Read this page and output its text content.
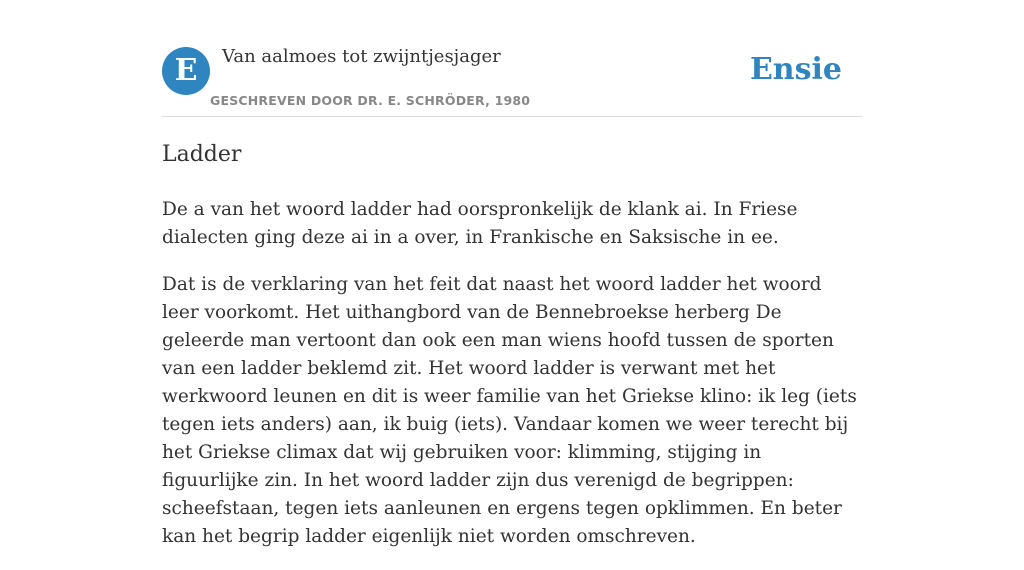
E	Van aalmoes tot zwijntjesjager
GESCHREVEN DOOR DR. E. SCHRÖDER, 1980
Ensie
Ladder

De a van het woord ladder had oorspronkelijk de klank ai. In Friese dialecten ging deze ai in a over, in Frankische en Saksische in ee.

Dat is de verklaring van het feit dat naast het woord ladder het woord leer voorkomt. Het uithangbord van de Bennebroekse herberg De geleerde man vertoont dan ook een man wiens hoofd tussen de sporten van een ladder beklemd zit. Het woord ladder is verwant met het werkwoord leunen en dit is weer familie van het Griekse klino: ik leg (iets tegen iets anders) aan, ik buig (iets). Vandaar komen we weer terecht bij het Griekse climax dat wij gebruiken voor: klimming, stijging in figuurlijke zin. In het woord ladder zijn dus verenigd de begrippen: scheefstaan, tegen iets aanleunen en ergens tegen opklimmen. En beter kan het begrip ladder eigenlijk niet worden omschreven.
